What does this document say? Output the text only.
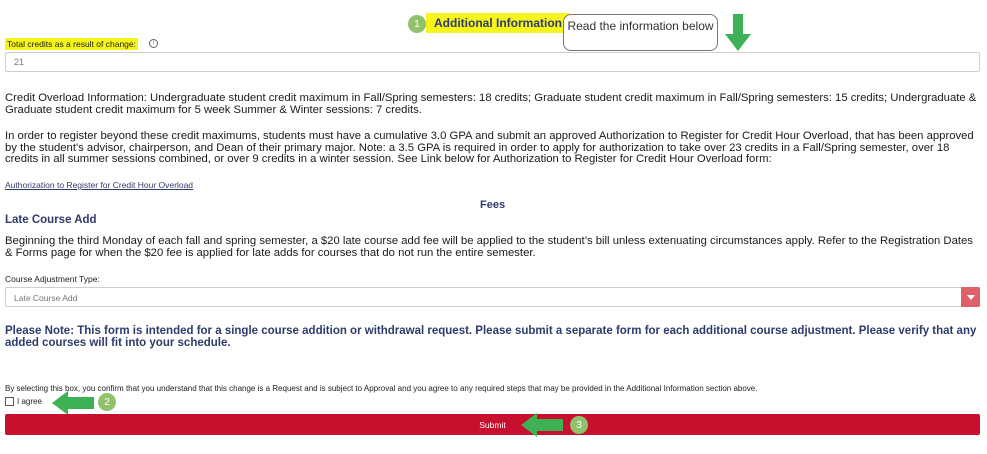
1	Additional Information Read the information below
Total credits as a result of change:	i
21
Credit Overload Information: Undergraduate student credit maximum in Fall/Spring semesters: 18 credits; Graduate student credit maximum in Fall/Spring semesters: 15 credits; Undergraduate & Graduate student credit maximum for 5 week Summer & Winter sessions: 7 credits.
In order to register beyond these credit maximums, students must have a cumulative 3.0 GPA and submit an approved Authorization to Register for Credit Hour Overload, that has been approved by the student's advisor, chairperson, and Dean of their primary major. Note: a 3.5 GPA is required in order to apply for authorization to take over 23 credits in a Fall/Spring semester, over 18 credits in all summer sessions combined, or over 9 credits in a winter session. See Link below for Authorization to Register for Credit Hour Overload form:
Authorization to Register for Credit Hour Overload
Fees
Late Course Add
Beginning the third Monday of each fall and spring semester, a $20 late course add fee will be applied to the student’s bill unless extenuating circumstances apply. Refer to the Registration Dates & Forms page for when the $20 fee is applied for late adds for courses that do not run the entire semester.
Course Adjustment Type:
Late Course Add
Please Note: This form is intended for a single course addition or withdrawal request. Please submit a separate form for each additional course adjustment. Please verify that any added courses will fit into your schedule.
By selecting this box, you confirm that you understand that this change is a Request and is subject to Approval and you agree to any required steps that may be provided in the Additional Information section above.
I agree	2
Submit	3
